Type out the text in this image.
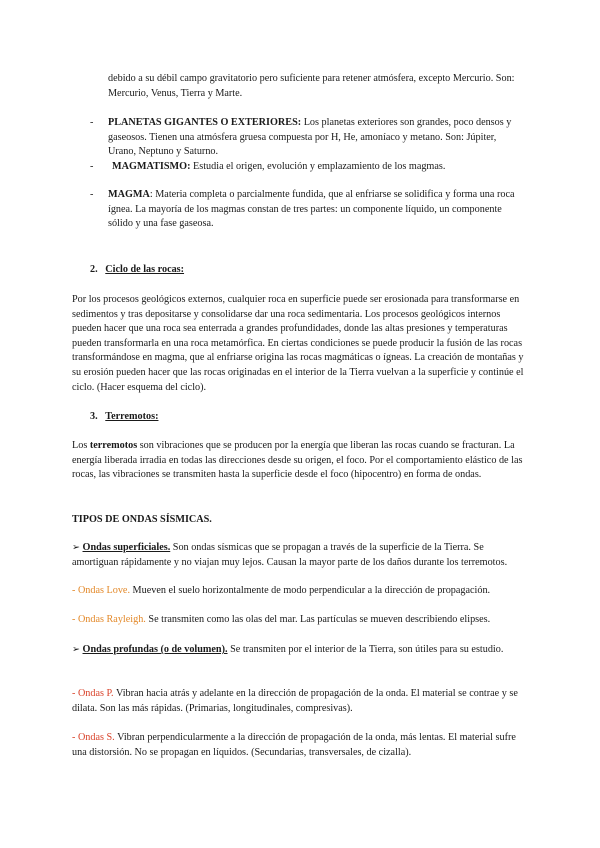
debido a su débil campo gravitatorio pero suficiente para retener atmósfera, excepto Mercurio. Son: Mercurio, Venus, Tierra y Marte.

- PLANETAS GIGANTES O EXTERIORES: Los planetas exteriores son grandes, poco densos y gaseosos. Tienen una atmósfera gruesa compuesta por H, He, amoníaco y metano. Son: Júpiter, Urano, Neptuno y Saturno.

- MAGMATISMO: Estudia el origen, evolución y emplazamiento de los magmas.

- MAGMA: Materia completa o parcialmente fundida, que al enfriarse se solidifica y forma una roca ígnea. La mayoría de los magmas constan de tres partes: un componente líquido, un componente sólido y una fase gaseosa.

2. Ciclo de las rocas:

Por los procesos geológicos externos, cualquier roca en superficie puede ser erosionada para transformarse en sedimentos y tras depositarse y consolidarse dar una roca sedimentaria. Los procesos geológicos internos pueden hacer que una roca sea enterrada a grandes profundidades, donde las altas presiones y temperaturas pueden transformarla en una roca metamórfica. En ciertas condiciones se puede producir la fusión de las rocas transformándose en magma, que al enfriarse origina las rocas magmáticas o ígneas. La creación de montañas y su erosión pueden hacer que las rocas originadas en el interior de la Tierra vuelvan a la superficie y continúe el ciclo. (Hacer esquema del ciclo).

3. Terremotos:

Los terremotos son vibraciones que se producen por la energía que liberan las rocas cuando se fracturan. La energía liberada irradia en todas las direcciones desde su origen, el foco. Por el comportamiento elástico de las rocas, las vibraciones se transmiten hasta la superficie desde el foco (hipocentro) en forma de ondas.

TIPOS DE ONDAS SÍSMICAS.

➢ Ondas superficiales. Son ondas sísmicas que se propagan a través de la superficie de la Tierra. Se amortiguan rápidamente y no viajan muy lejos. Causan la mayor parte de los daños durante los terremotos.

- Ondas Love. Mueven el suelo horizontalmente de modo perpendicular a la dirección de propagación.

- Ondas Rayleigh. Se transmiten como las olas del mar. Las partículas se mueven describiendo elipses.

➢ Ondas profundas (o de volumen). Se transmiten por el interior de la Tierra, son útiles para su estudio.

- Ondas P. Vibran hacia atrás y adelante en la dirección de propagación de la onda. El material se contrae y se dilata. Son las más rápidas. (Primarias, longitudinales, compresivas).

- Ondas S. Vibran perpendicularmente a la dirección de propagación de la onda, más lentas. El material sufre una distorsión. No se propagan en líquidos. (Secundarias, transversales, de cizalla).
